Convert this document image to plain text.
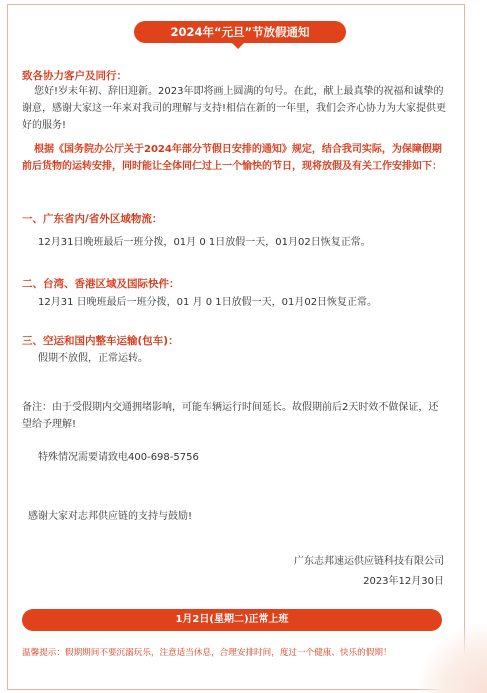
2024年“元旦”节放假通知

致各协力客户及同行：

您好!岁末年初、辞旧迎新。2023年即将画上圆满的句号。在此，献上最真挚的祝福和诚挚的谢意，感谢大家这一年来对我司的理解与支持!相信在新的一年里，我们会齐心协力为大家提供更好的服务!

根据《国务院办公厅关于2024年部分节假日安排的通知》规定，结合我司实际，为保障假期前后货物的运转安排，同时能让全体同仁过上一个愉快的节日，现将放假及有关工作安排如下：

一、广东省内/省外区域物流：

12月31日晚班最后一班分拨，01月 0 1日放假一天，01月02日恢复正常。

二、台湾、香港区域及国际快件：

12月31 日晚班最后一班分拨，01 月 0 1日放假一天，01月02日恢复正常。

三、空运和国内整车运输(包车)：

假期不放假，正常运转。

备注：由于受假期内交通拥堵影响，可能车辆运行时间延长。故假期前后2天时效不做保证，还望给予理解!

特殊情况需要请致电400-698-5756

感谢大家对志邦供应链的支持与鼓励!

广东志邦速运供应链科技有限公司

2023年12月30日

1月2日(星期二)正常上班

温馨提示：假期期间不要沉溺玩乐，注意适当休息，合理安排时间，度过一个健康、快乐的假期！
